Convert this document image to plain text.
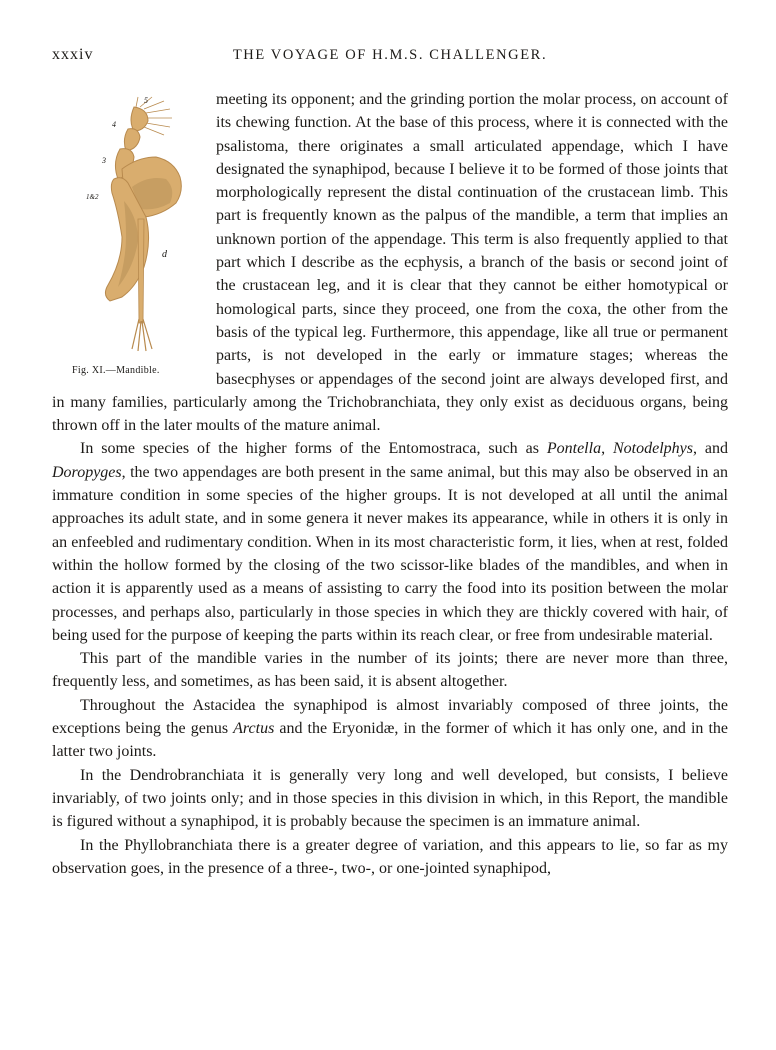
xxxiv	THE VOYAGE OF H.M.S. CHALLENGER.
5
4
3
1&2
d
Fig. XI.—Mandible.

meeting its opponent; and the grinding portion the molar process, on account of its chewing function. At the base of this process, where it is connected with the psalistoma, there originates a small articulated appendage, which I have designated the synaphipod, because I believe it to be formed of those joints that morphologically represent the distal continuation of the crustacean limb. This part is frequently known as the palpus of the mandible, a term that implies an unknown portion of the appendage. This term is also frequently applied to that part which I describe as the ecphysis, a branch of the basis or second joint of the crustacean leg, and it is clear that they cannot be either homotypical or homological parts, since they proceed, one from the coxa, the other from the basis of the typical leg. Furthermore, this appendage, like all true or permanent parts, is not developed in the early or immature stages; whereas the basecphyses or appendages of the second joint are always developed first, and in many families, particularly among the Trichobranchiata, they only exist as deciduous organs, being thrown off in the later moults of the mature animal.

In some species of the higher forms of the Entomostraca, such as Pontella, Notodelphys, and Doropyges, the two appendages are both present in the same animal, but this may also be observed in an immature condition in some species of the higher groups. It is not developed at all until the animal approaches its adult state, and in some genera it never makes its appearance, while in others it is only in an enfeebled and rudimentary condition. When in its most characteristic form, it lies, when at rest, folded within the hollow formed by the closing of the two scissor-like blades of the mandibles, and when in action it is apparently used as a means of assisting to carry the food into its position between the molar processes, and perhaps also, particularly in those species in which they are thickly covered with hair, of being used for the purpose of keeping the parts within its reach clear, or free from undesirable material.

This part of the mandible varies in the number of its joints; there are never more than three, frequently less, and sometimes, as has been said, it is absent altogether.

Throughout the Astacidea the synaphipod is almost invariably composed of three joints, the exceptions being the genus Arctus and the Eryonidæ, in the former of which it has only one, and in the latter two joints.

In the Dendrobranchiata it is generally very long and well developed, but consists, I believe invariably, of two joints only; and in those species in this division in which, in this Report, the mandible is figured without a synaphipod, it is probably because the specimen is an immature animal.

In the Phyllobranchiata there is a greater degree of variation, and this appears to lie, so far as my observation goes, in the presence of a three-, two-, or one-jointed synaphipod,
